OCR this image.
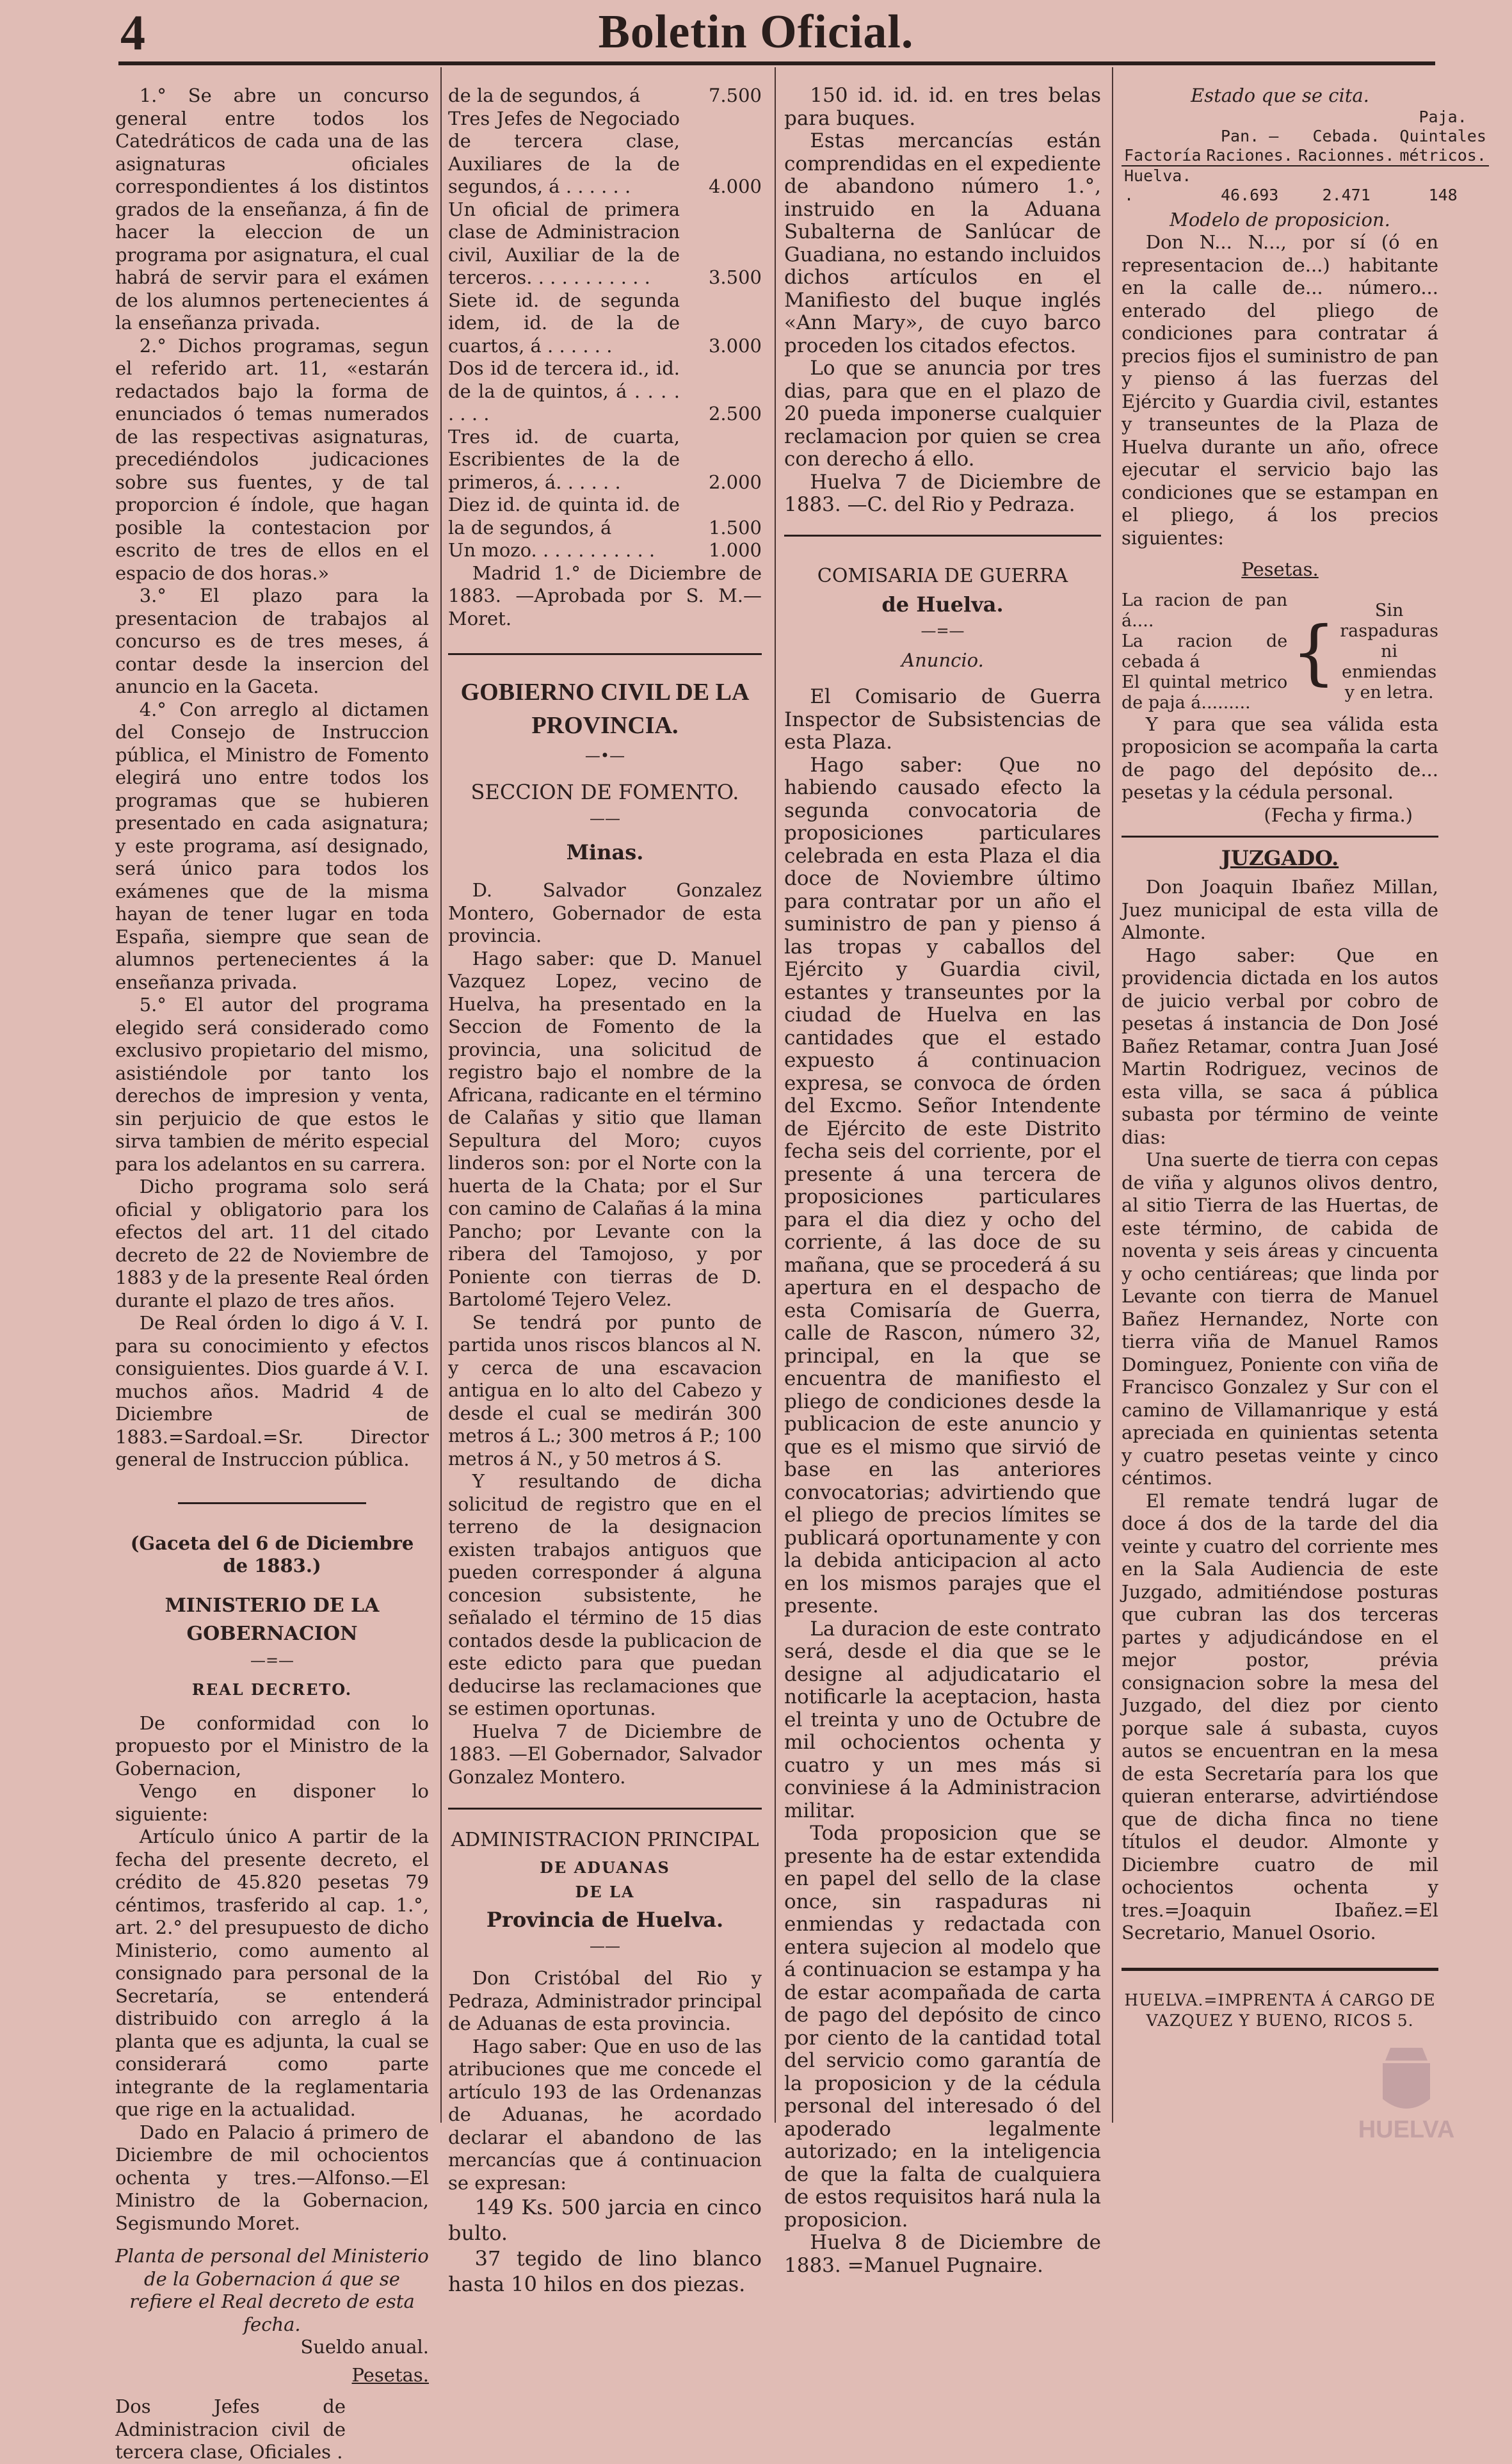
4	Boletin Oficial.

1.° Se abre un concurso general entre todos los Catedráticos de cada una de las asignaturas oficiales correspondientes á los distintos grados de la enseñanza, á fin de hacer la eleccion de un programa por asignatura, el cual habrá de servir para el exámen de los alumnos pertenecientes á la enseñanza privada.

2.° Dichos programas, segun el referido art. 11, «estarán redactados bajo la forma de enunciados ó temas numerados de las respectivas asignaturas, precediéndolos judicaciones sobre sus fuentes, y de tal proporcion é índole, que hagan posible la contestacion por escrito de tres de ellos en el espacio de dos horas.»

3.° El plazo para la presentacion de trabajos al concurso es de tres meses, á contar desde la insercion del anuncio en la Gaceta.

4.° Con arreglo al dictamen del Consejo de Instruccion pública, el Ministro de Fomento elegirá uno entre todos los programas que se hubieren presentado en cada asignatura; y este programa, así designado, será único para todos los exámenes que de la misma hayan de tener lugar en toda España, siempre que sean de alumnos pertenecientes á la enseñanza privada.

5.° El autor del programa elegido será considerado como exclusivo propietario del mismo, asistiéndole por tanto los derechos de impresion y venta, sin perjuicio de que estos le sirva tambien de mérito especial para los adelantos en su carrera.

Dicho programa solo será oficial y obligatorio para los efectos del art. 11 del citado decreto de 22 de Noviembre de 1883 y de la presente Real órden durante el plazo de tres años.

De Real órden lo digo á V. I. para su conocimiento y efectos consiguientes. Dios guarde á V. I. muchos años. Madrid 4 de Diciembre de 1883.=Sardoal.=Sr. Director general de Instruccion pública.

(Gaceta del 6 de Diciembre de 1883.)

MINISTERIO DE LA GOBERNACION
—=—
REAL DECRETO.

De conformidad con lo propuesto por el Ministro de la Gobernacion,

Vengo en disponer lo siguiente:

Artículo único A partir de la fecha del presente decreto, el crédito de 45.820 pesetas 79 céntimos, trasferido al cap. 1.°, art. 2.° del presupuesto de dicho Ministerio, como aumento al consignado para personal de la Secretaría, se entenderá distribuido con arreglo á la planta que es adjunta, la cual se considerará como parte integrante de la reglamentaria que rige en la actualidad.

Dado en Palacio á primero de Diciembre de mil ochocientos ochenta y tres.—Alfonso.—El Ministro de la Gobernacion, Segismundo Moret.

Planta de personal del Ministerio de la Gobernacion á que se refiere el Real decreto de esta fecha.

Sueldo anual.

Pesetas.

Dos Jefes de Administracion civil de tercera clase, Oficiales .

de la de segundos, á	7.500
Tres Jefes de Negociado de tercera clase, Auxiliares de la de segundos, á . . . . . .	4.000
Un oficial de primera clase de Administracion civil, Auxiliar de la de terceros. . . . . . . . . . .	3.500
Siete id. de segunda idem, id. de la de cuartos, á . . . . . .	3.000
Dos id de tercera id., id. de la de quintos, á . . . . . . . .	2.500
Tres id. de cuarta, Escribientes de la de primeros, á. . . . . .	2.000
Diez id. de quinta id. de la de segundos, á	1.500
Un mozo. . . . . . . . . . .	1.000

Madrid 1.° de Diciembre de 1883. —Aprobada por S. M.—Moret.

GOBIERNO CIVIL DE LA PROVINCIA.
—•—
SECCION DE FOMENTO.
——
Minas.

D. Salvador Gonzalez Montero, Gobernador de esta provincia.

Hago saber: que D. Manuel Vazquez Lopez, vecino de Huelva, ha presentado en la Seccion de Fomento de la provincia, una solicitud de registro bajo el nombre de la Africana, radicante en el término de Calañas y sitio que llaman Sepultura del Moro; cuyos linderos son: por el Norte con la huerta de la Chata; por el Sur con camino de Calañas á la mina Pancho; por Levante con la ribera del Tamojoso, y por Poniente con tierras de D. Bartolomé Tejero Velez.

Se tendrá por punto de partida unos riscos blancos al N. y cerca de una escavacion antigua en lo alto del Cabezo y desde el cual se medirán 300 metros á L.; 300 metros á P.; 100 metros á N., y 50 metros á S.

Y resultando de dicha solicitud de registro que en el terreno de la designacion existen trabajos antiguos que pueden corresponder á alguna concesion subsistente, he señalado el término de 15 dias contados desde la publicacion de este edicto para que puedan deducirse las reclamaciones que se estimen oportunas.

Huelva 7 de Diciembre de 1883. —El Gobernador, Salvador Gonzalez Montero.

ADMINISTRACION PRINCIPAL
DE ADUANAS
DE LA
Provincia de Huelva.
——

Don Cristóbal del Rio y Pedraza, Administrador principal de Aduanas de esta provincia.

Hago saber: Que en uso de las atribuciones que me concede el artículo 193 de las Ordenanzas de Aduanas, he acordado declarar el abandono de las mercancías que á continuacion se expresan:

149 Ks. 500 jarcia en cinco bulto.

37 tegido de lino blanco hasta 10 hilos en dos piezas.

150 id. id. id. en tres belas para buques.

Estas mercancías están comprendidas en el expediente de abandono número 1.°, instruido en la Aduana Subalterna de Sanlúcar de Guadiana, no estando incluidos dichos artículos en el Manifiesto del buque inglés «Ann Mary», de cuyo barco proceden los citados efectos.

Lo que se anuncia por tres dias, para que en el plazo de 20 pueda imponerse cualquier reclamacion por quien se crea con derecho á ello.

Huelva 7 de Diciembre de 1883. —C. del Rio y Pedraza.

COMISARIA DE GUERRA
de Huelva.
—=—

Anuncio.

El Comisario de Guerra Inspector de Subsistencias de esta Plaza.

Hago saber: Que no habiendo causado efecto la segunda convocatoria de proposiciones particulares celebrada en esta Plaza el dia doce de Noviembre último para contratar por un año el suministro de pan y pienso á las tropas y caballos del Ejército y Guardia civil, estantes y transeuntes por la ciudad de Huelva en las cantidades que el estado expuesto á continuacion expresa, se convoca de órden del Excmo. Señor Intendente de Ejército de este Distrito fecha seis del corriente, por el presente á una tercera de proposiciones particulares para el dia diez y ocho del corriente, á las doce de su mañana, que se procederá á su apertura en el despacho de esta Comisaría de Guerra, calle de Rascon, número 32, principal, en la que se encuentra de manifiesto el pliego de condiciones desde la publicacion de este anuncio y que es el mismo que sirvió de base en las anteriores convocatorias; advirtiendo que el pliego de precios límites se publicará oportunamente y con la debida anticipacion al acto en los mismos parajes que el presente.

La duracion de este contrato será, desde el dia que se le designe al adjudicatario el notificarle la aceptacion, hasta el treinta y uno de Octubre de mil ochocientos ochenta y cuatro y un mes más si conviniese á la Administracion militar.

Toda proposicion que se presente ha de estar extendida en papel del sello de la clase once, sin raspaduras ni enmiendas y redactada con entera sujecion al modelo que á continuacion se estampa y ha de estar acompañada de carta de pago del depósito de cinco por ciento de la cantidad total del servicio como garantía de la proposicion y de la cédula personal del interesado ó del apoderado legalmente autorizado; en la inteligencia de que la falta de cualquiera de estos requisitos hará nula la proposicion.

Huelva 8 de Diciembre de 1883. =Manuel Pugnaire.

Estado que se cita.

Factoría	Pan. — Raciones.	Cebada. Racionnes.	Paja. Quintales métricos.

Huelva. .	46.693	2.471	148

Modelo de proposicion.

Don N... N..., por sí (ó en representacion de...) habitante en la calle de... número... enterado del pliego de condiciones para contratar á precios fijos el suministro de pan y pienso á las fuerzas del Ejército y Guardia civil, estantes y transeuntes de la Plaza de Huelva durante un año, ofrece ejecutar el servicio bajo las condiciones que se estampan en el pliego, á los precios siguientes:

Pesetas.

La racion de pan á....
La racion de cebada á
El quintal metrico de paja á.........
{
Sin raspaduras ni enmiendas y en letra.

Y para que sea válida esta proposicion se acompaña la carta de pago del depósito de... pesetas y la cédula personal.

(Fecha y firma.)

JUZGADO.

Don Joaquin Ibañez Millan, Juez municipal de esta villa de Almonte.

Hago saber: Que en providencia dictada en los autos de juicio verbal por cobro de pesetas á instancia de Don José Bañez Retamar, contra Juan José Martin Rodriguez, vecinos de esta villa, se saca á pública subasta por término de veinte dias:

Una suerte de tierra con cepas de viña y algunos olivos dentro, al sitio Tierra de las Huertas, de este término, de cabida de noventa y seis áreas y cincuenta y ocho centiáreas; que linda por Levante con tierra de Manuel Bañez Hernandez, Norte con tierra viña de Manuel Ramos Dominguez, Poniente con viña de Francisco Gonzalez y Sur con el camino de Villamanrique y está apreciada en quinientas setenta y cuatro pesetas veinte y cinco céntimos.

El remate tendrá lugar de doce á dos de la tarde del dia veinte y cuatro del corriente mes en la Sala Audiencia de este Juzgado, admitiéndose posturas que cubran las dos terceras partes y adjudicándose en el mejor postor, prévia consignacion sobre la mesa del Juzgado, del diez por ciento porque sale á subasta, cuyos autos se encuentran en la mesa de esta Secretaría para los que quieran enterarse, advirtiéndose que de dicha finca no tiene títulos el deudor. Almonte y Diciembre cuatro de mil ochocientos ochenta y tres.=Joaquin Ibañez.=El Secretario, Manuel Osorio.

HUELVA.=IMPRENTA Á CARGO DE VAZQUEZ Y BUENO, RICOS 5.
HUELVA
